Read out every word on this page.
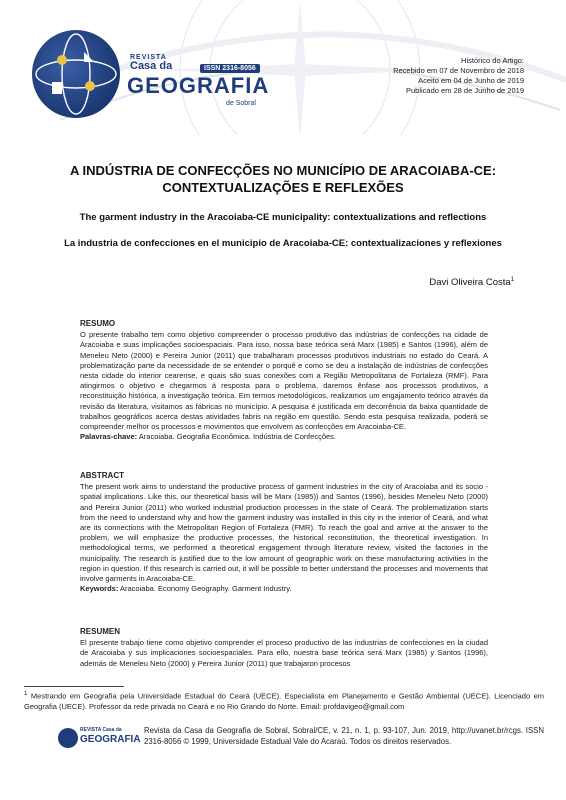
REVISTA
Casa da	ISSN 2316-8056
GEOGRAFIA
de Sobral
Histórico do Artigo:
Recebido em 07 de Novembro de 2018
Aceito em 04 de Junho de 2019
Publicado em 28 de Junho de 2019
A INDÚSTRIA DE CONFECÇÕES NO MUNICÍPIO DE ARACOIABA-CE:
CONTEXTUALIZAÇÕES E REFLEXÕES
The garment industry in the Aracoiaba-CE municipality: contextualizations and reflections
La industria de confecciones en el municipio de Aracoiaba-CE: contextualizaciones y reflexiones
Davi Oliveira Costa$^1$
RESUMO
O presente trabalho tem como objetivo compreender o processo produtivo das indústrias de confecções na cidade de Aracoiaba e suas implicações socioespaciais. Para isso, nossa base teórica será Marx (1985) e Santos (1996), além de Meneleu Neto (2000) e Pereira Junior (2011) que trabalharam processos produtivos industriais no estado do Ceará. A problematização parte da necessidade de se entender o porquê e como se deu a instalação de indústrias de confecções nesta cidade do interior cearense, e quais são suas conexões com a Região Metropolitana de Fortaleza (RMF). Para atingirmos o objetivo e chegarmos à resposta para o problema, daremos ênfase aos processos produtivos, a reconstituição histórica, a investigação teórica. Em termos metodológicos, realizamos um engajamento teórico através da revisão da literatura, visitamos as fábricas no município. A pesquisa é justificada em decorrência da baixa quantidade de trabalhos geográficos acerca destas atividades fabris na região em questão. Sendo esta pesquisa realizada, poderá se compreender melhor os processos e movimentos que envolvem as confecções em Aracoiaba-CE.
Palavras-chave: Aracoiaba. Geografia Econômica. Indústria de Confecções.
ABSTRACT
The present work aims to understand the productive process of garment industries in the city of Aracoiaba and its socio - spatial implications. Like this, our theoretical basis will be Marx (1985)) and Santos (1996), besides Meneleu Neto (2000) and Pereira Junior (2011) who worked industrial production processes in the state of Ceará. The problematization starts from the need to understand why and how the garment industry was installed in this city in the interior of Ceará, and what are its connections with the Metropolitan Region of Fortaleza (FMR). To reach the goal and arrive at the answer to the problem, we will emphasize the productive processes, the historical reconstitution, the theoretical investigation. In methodological terms, we performed a theoretical engagement through literature review, visited the factories in the municipality. The research is justified due to the low amount of geographic work on these manufacturing activities in the region in question. If this research is carried out, it will be possible to better understand the processes and movements that involve garments in Aracoiaba-CE.
Keywords: Aracoiaba. Economy Geography. Garment Industry.
RESUMEN
El presente trabajo tiene como objetivo comprender el proceso productivo de las industrias de confecciones en la ciudad de Aracoiaba y sus implicaciones socioespaciales. Para ello, nuestra base teórica será Marx (1985) y Santos (1996), además de Meneleu Neto (2000) y Pereira Junior (2011) que trabajaron procesos
$^1$ Mestrando em Geografia pela Universidade Estadual do Ceará (UECE). Especialista em Planejamento e Gestão Ambiental (UECE). Licenciado em Geografia (UECE). Professor da rede privada no Ceará e no Rio Grando do Norte. Email: profdavigeo@gmail.com
REVISTA Casa da
GEOGRAFIA
Revista da Casa da Geografia de Sobral, Sobral/CE, v. 21, n. 1, p. 93-107, Jun. 2019, http://uvanet.br/rcgs. ISSN 2316-8056 © 1999, Universidade Estadual Vale do Acaraú. Todos os direitos reservados.
